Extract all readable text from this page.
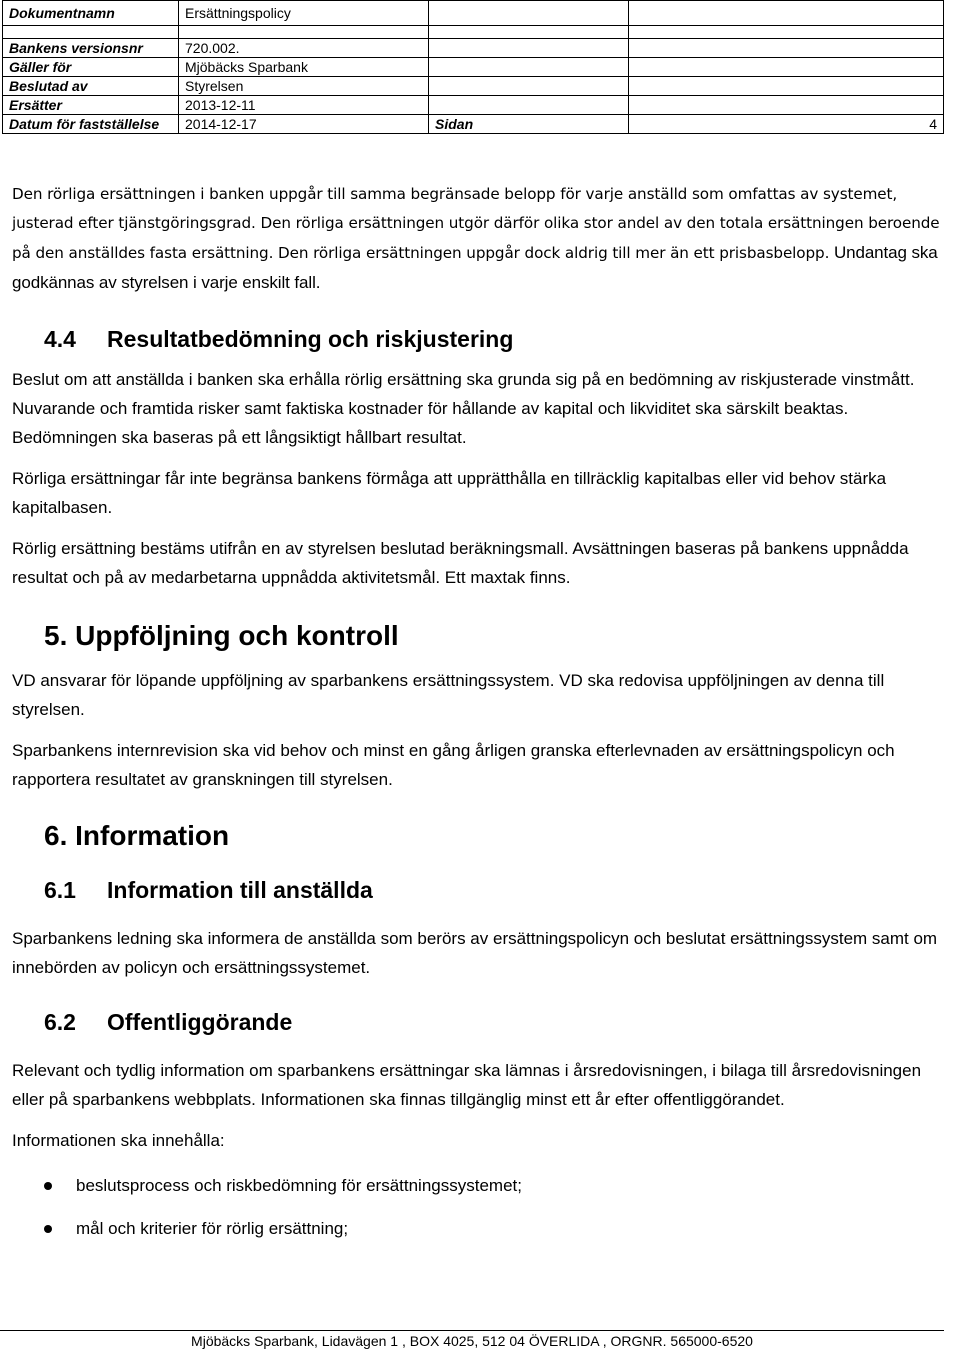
Dokumentnamn	Ersättningspolicy		

Bankens versionsnr	720.002.		
Gäller för	Mjöbäcks Sparbank		
Beslutad av	Styrelsen		
Ersätter	2013-12-11		
Datum för fastställelse	2014-12-17	Sidan	4

Den rörliga ersättningen i banken uppgår till samma begränsade belopp för varje anställd som omfattas av systemet, justerad efter tjänstgöringsgrad. Den rörliga ersättningen utgör därför olika stor andel av den totala ersättningen beroende på den anställdes fasta ersättning. Den rörliga ersättningen uppgår dock aldrig till mer än ett prisbasbelopp. Undantag ska godkännas av styrelsen i varje enskilt fall.

4.4 Resultatbedömning och riskjustering

Beslut om att anställda i banken ska erhålla rörlig ersättning ska grunda sig på en bedömning av riskjusterade vinstmått. Nuvarande och framtida risker samt faktiska kostnader för hållande av kapital och likviditet ska särskilt beaktas. Bedömningen ska baseras på ett långsiktigt hållbart resultat.

Rörliga ersättningar får inte begränsa bankens förmåga att upprätthålla en tillräcklig kapitalbas eller vid behov stärka kapitalbasen.

Rörlig ersättning bestäms utifrån en av styrelsen beslutad beräkningsmall. Avsättningen baseras på bankens uppnådda resultat och på av medarbetarna uppnådda aktivitetsmål. Ett maxtak finns.

5. Uppföljning och kontroll

VD ansvarar för löpande uppföljning av sparbankens ersättningssystem. VD ska redovisa uppföljningen av denna till styrelsen.

Sparbankens internrevision ska vid behov och minst en gång årligen granska efterlevnaden av ersättningspolicyn och rapportera resultatet av granskningen till styrelsen.

6. Information
6.1 Information till anställda

Sparbankens ledning ska informera de anställda som berörs av ersättningspolicyn och beslutat ersättningssystem samt om innebörden av policyn och ersättningssystemet.

6.2 Offentliggörande

Relevant och tydlig information om sparbankens ersättningar ska lämnas i årsredovisningen, i bilaga till årsredovisningen eller på sparbankens webbplats. Informationen ska finnas tillgänglig minst ett år efter offentliggörandet.

Informationen ska innehålla:

beslutsprocess och riskbedömning för ersättningssystemet;
mål och kriterier för rörlig ersättning;
Mjöbäcks Sparbank, Lidavägen 1 , BOX 4025, 512 04 ÖVERLIDA , ORGNR. 565000-6520
